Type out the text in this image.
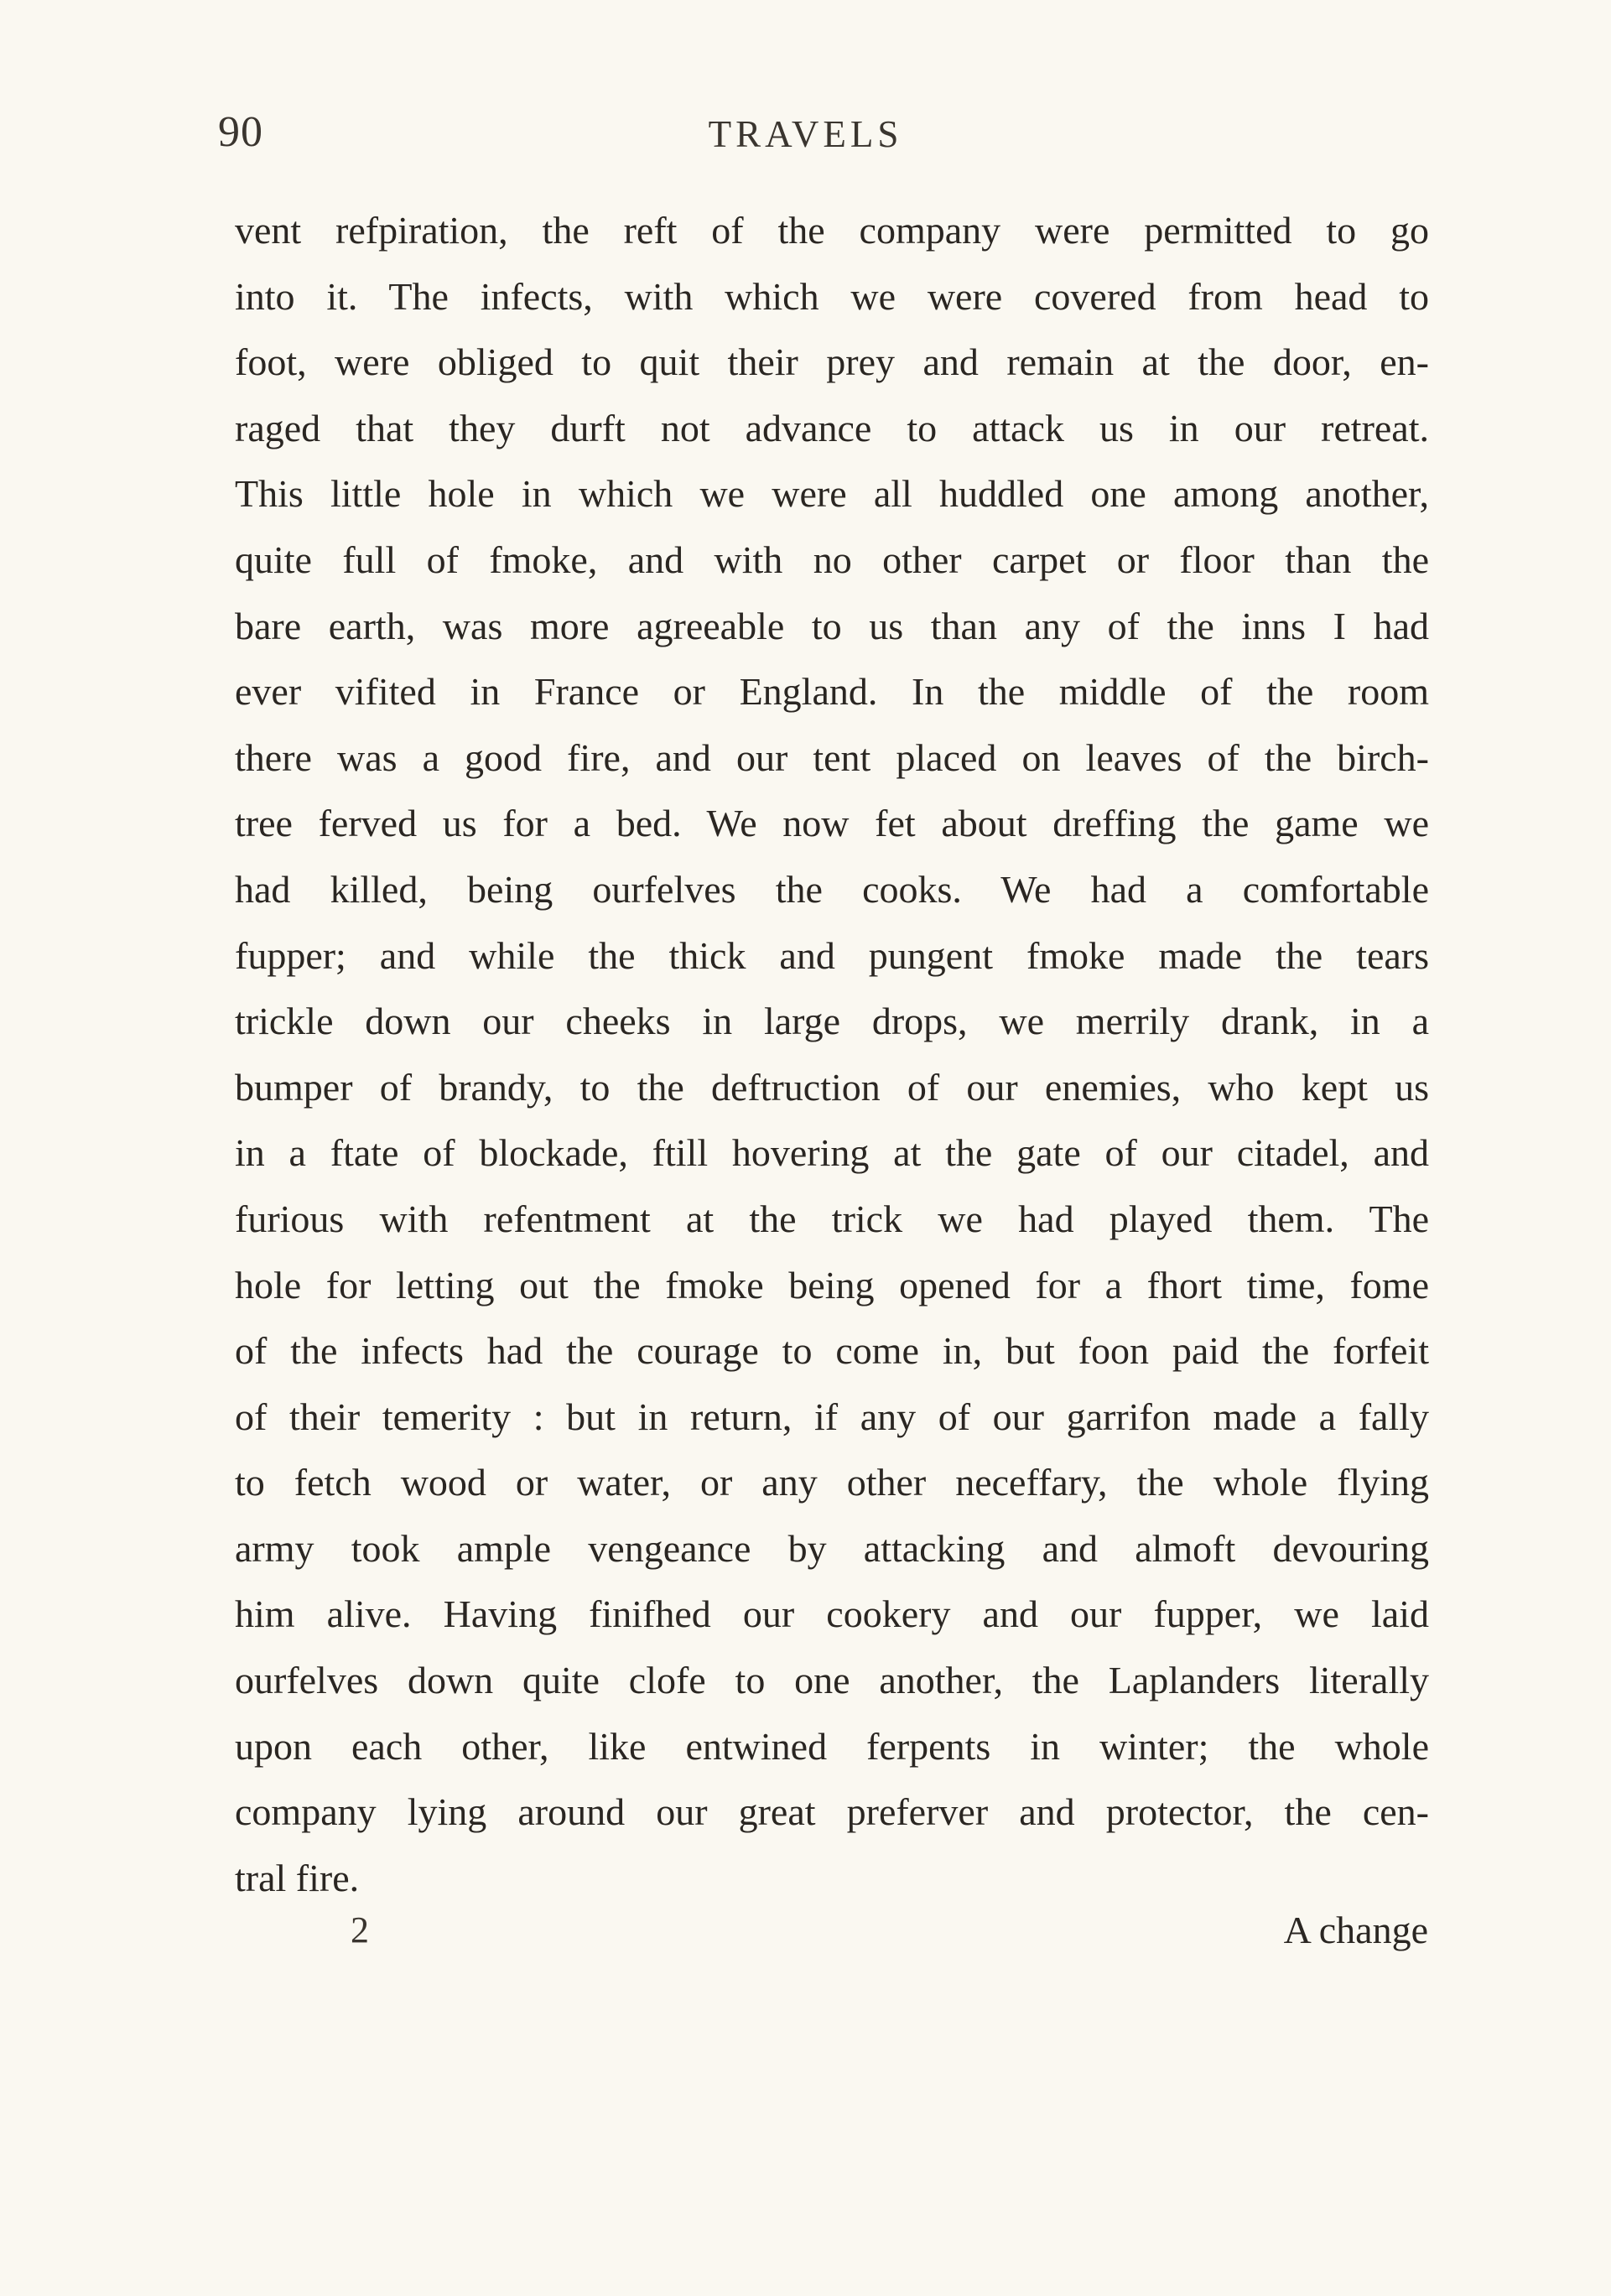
90	TRAVELS
vent refpiration, the reft of the company were permitted to go
into it. The infects, with which we were covered from head to
foot, were obliged to quit their prey and remain at the door, en-
raged that they durft not advance to attack us in our retreat.
This little hole in which we were all huddled one among another,
quite full of fmoke, and with no other carpet or floor than the
bare earth, was more agreeable to us than any of the inns I had
ever vifited in France or England. In the middle of the room
there was a good fire, and our tent placed on leaves of the birch-
tree ferved us for a bed. We now fet about dreffing the game we
had killed, being ourfelves the cooks. We had a comfortable
fupper; and while the thick and pungent fmoke made the tears
trickle down our cheeks in large drops, we merrily drank, in a
bumper of brandy, to the deftruction of our enemies, who kept us
in a ftate of blockade, ftill hovering at the gate of our citadel, and
furious with refentment at the trick we had played them. The
hole for letting out the fmoke being opened for a fhort time, fome
of the infects had the courage to come in, but foon paid the forfeit
of their temerity : but in return, if any of our garrifon made a fally
to fetch wood or water, or any other neceffary, the whole flying
army took ample vengeance by attacking and almoft devouring
him alive. Having finifhed our cookery and our fupper, we laid
ourfelves down quite clofe to one another, the Laplanders literally
upon each other, like entwined ferpents in winter; the whole
company lying around our great preferver and protector, the cen-
tral fire.
2	A change
